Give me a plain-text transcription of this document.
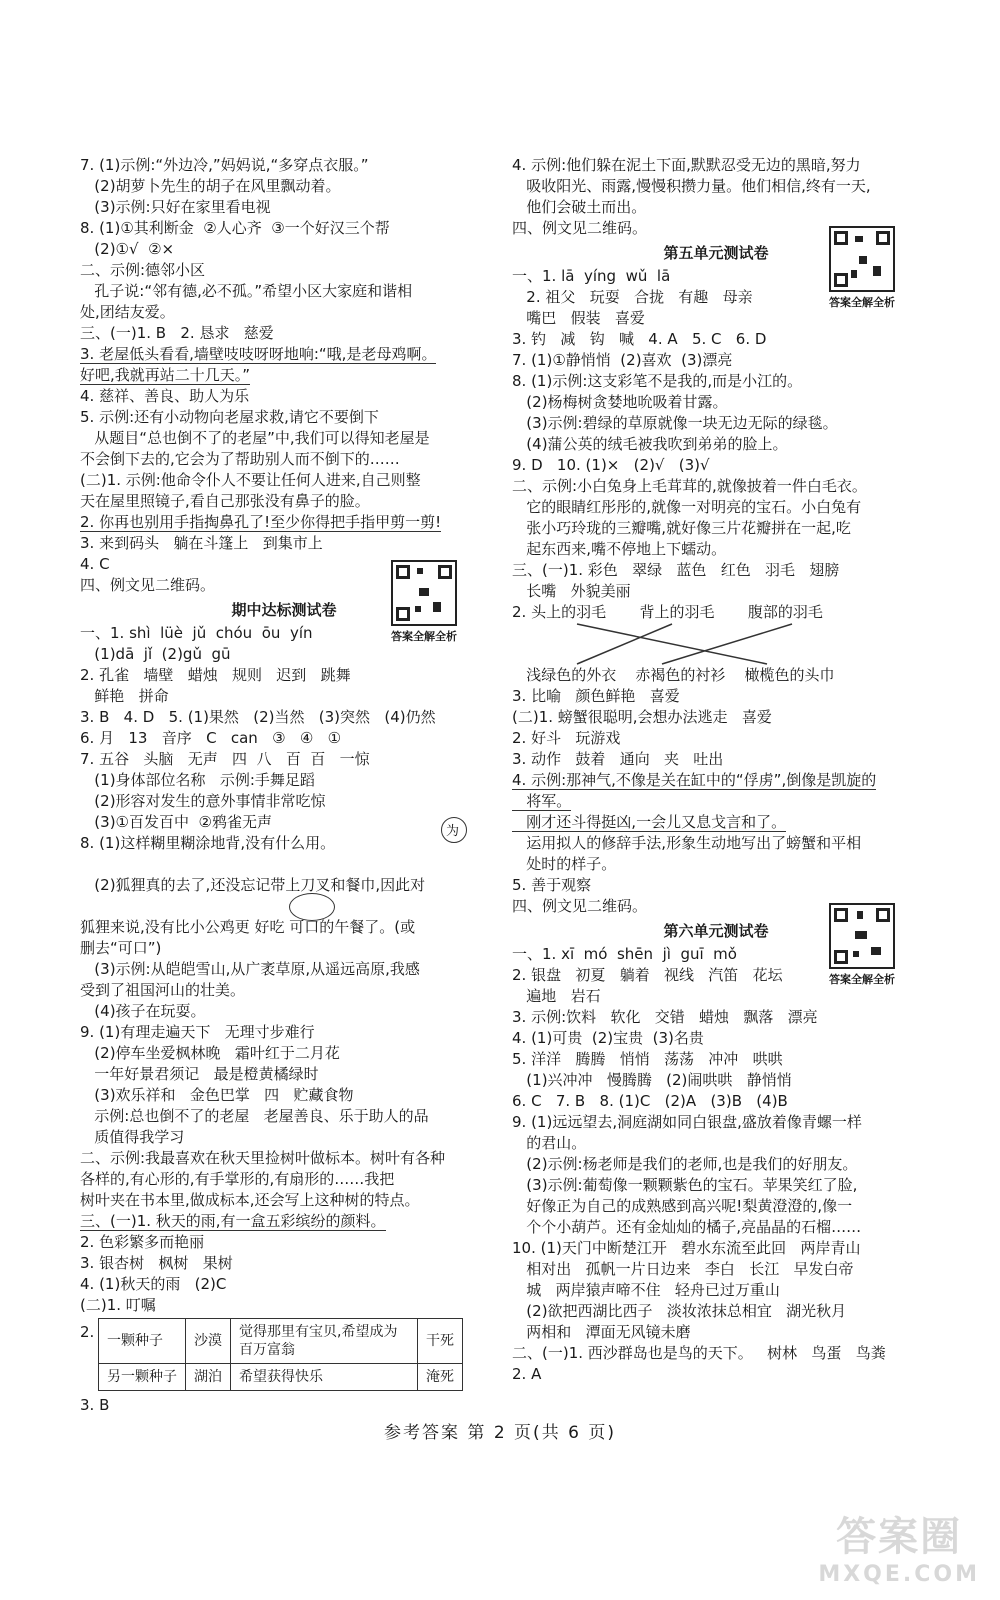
7. (1)示例:“外边冷,”妈妈说,“多穿点衣服。”
(2)胡萝卜先生的胡子在风里飘动着。
(3)示例:只好在家里看电视
8. (1)①其利断金  ②人心齐  ③一个好汉三个帮
(2)①√  ②×
二、示例:德邻小区
孔子说:“邻有德,必不孤。”希望小区大家庭和谐相
处,团结友爱。
三、(一)1. B   2. 恳求   慈爱
3. 老屋低头看看,墙壁吱吱呀呀地响:“哦,是老母鸡啊。
好吧,我就再站二十几天。”
4. 慈祥、善良、助人为乐
5. 示例:还有小动物向老屋求救,请它不要倒下
从题目“总也倒不了的老屋”中,我们可以得知老屋是
不会倒下去的,它会为了帮助别人而不倒下的……
(二)1. 示例:他命令仆人不要让任何人进来,自己则整
天在屋里照镜子,看自己那张没有鼻子的脸。
2. 你再也别用手指掏鼻孔了!至少你得把手指甲剪一剪!
3. 来到码头   躺在斗篷上   到集市上
4. C
四、例文见二维码。
期中达标测试卷
一、1. shì  lüè  jǔ  chóu  ōu  yín
(1)dā  jǐ  (2)gǔ  gū
2. 孔雀   墙壁   蜡烛   规则   迟到   跳舞
鲜艳   拼命
3. B   4. D   5. (1)果然   (2)当然   (3)突然   (4)仍然
6. 月   13   音序   C   can   ③   ④   ①
7. 五谷   头脑   无声   四  八   百  百   一惊
(1)身体部位名称   示例:手舞足蹈
(2)形容对发生的意外事情非常吃惊
(3)①百发百中  ②鸦雀无声
8. (1)这样糊里糊涂地背,没有什么用。
(2)狐狸真的去了,还没忘记带上刀叉和餐巾,因此对
狐狸来说,没有比小公鸡更 好吃 可口的午餐了。(或
删去“可口”)
(3)示例:从皑皑雪山,从广袤草原,从遥远高原,我感
受到了祖国河山的壮美。
(4)孩子在玩耍。
9. (1)有理走遍天下   无理寸步难行
(2)停车坐爱枫林晚   霜叶红于二月花
一年好景君须记   最是橙黄橘绿时
(3)欢乐祥和   金色巴掌   四   贮藏食物
示例:总也倒不了的老屋   老屋善良、乐于助人的品
质值得我学习
二、示例:我最喜欢在秋天里捡树叶做标本。树叶有各种
各样的,有心形的,有手掌形的,有扇形的……我把
树叶夹在书本里,做成标本,还会写上这种树的特点。
三、(一)1. 秋天的雨,有一盒五彩缤纷的颜料。
2. 色彩繁多而艳丽
3. 银杏树   枫树   果树
4. (1)秋天的雨   (2)C
(二)1. 叮嘱
2. 一颗种子	沙漠	觉得那里有宝贝,希望成为百万富翁	干死
另一颗种子	湖泊	希望获得快乐	淹死
3. B
4. 示例:他们躲在泥土下面,默默忍受无边的黑暗,努力
吸收阳光、雨露,慢慢积攒力量。他们相信,终有一天,
他们会破土而出。
四、例文见二维码。
第五单元测试卷
一、1. lā  yíng  wǔ  lā
2. 祖父   玩耍   合拢   有趣   母亲
嘴巴   假装   喜爱
3. 钓   减   钩   喊   4. A   5. C   6. D
7. (1)①静悄悄  (2)喜欢  (3)漂亮
8. (1)示例:这支彩笔不是我的,而是小江的。
(2)杨梅树贪婪地吮吸着甘露。
(3)示例:碧绿的草原就像一块无边无际的绿毯。
(4)蒲公英的绒毛被我吹到弟弟的脸上。
9. D   10. (1)×   (2)√   (3)√
二、示例:小白兔身上毛茸茸的,就像披着一件白毛衣。
它的眼睛红彤彤的,就像一对明亮的宝石。小白兔有
张小巧玲珑的三瓣嘴,就好像三片花瓣拼在一起,吃
起东西来,嘴不停地上下蠕动。
三、(一)1. 彩色   翠绿   蓝色   红色   羽毛   翅膀
长嘴   外貌美丽
2. 头上的羽毛       背上的羽毛       腹部的羽毛
浅绿色的外衣    赤褐色的衬衫    橄榄色的头巾
3. 比喻   颜色鲜艳   喜爱
(二)1. 螃蟹很聪明,会想办法逃走   喜爱
2. 好斗   玩游戏
3. 动作   鼓着   通向   夹   吐出
4. 示例:那神气,不像是关在缸中的“俘虏”,倒像是凯旋的
将军。
刚才还斗得挺凶,一会儿又息戈言和了。
运用拟人的修辞手法,形象生动地写出了螃蟹和平相
处时的样子。
5. 善于观察
四、例文见二维码。
第六单元测试卷
一、1. xī  mó  shēn  jì  guī  mǒ
2. 银盘   初夏   躺着   视线   汽笛   花坛
遍地   岩石
3. 示例:饮料   软化   交错   蜡烛   飘落   漂亮
4. (1)可贵  (2)宝贵  (3)名贵
5. 洋洋   腾腾   悄悄   荡荡   冲冲   哄哄
(1)兴冲冲   慢腾腾   (2)闹哄哄   静悄悄
6. C   7. B   8. (1)C   (2)A   (3)B   (4)B
9. (1)远远望去,洞庭湖如同白银盘,盛放着像青螺一样
的君山。
(2)示例:杨老师是我们的老师,也是我们的好朋友。
(3)示例:葡萄像一颗颗紫色的宝石。苹果笑红了脸,
好像正为自己的成熟感到高兴呢!梨黄澄澄的,像一
个个小葫芦。还有金灿灿的橘子,亮晶晶的石榴……
10. (1)天门中断楚江开   碧水东流至此回   两岸青山
相对出   孤帆一片日边来   李白   长江   早发白帝
城   两岸猿声啼不住   轻舟已过万重山
(2)欲把西湖比西子   淡妆浓抹总相宜   湖光秋月
两相和   潭面无风镜未磨
二、(一)1. 西沙群岛也是鸟的天下。   树林   鸟蛋   鸟粪
2. A
答案全解全析
答案全解全析
答案全解全析
为
参考答案 第 2 页(共 6 页)
答案圈
MXQE.COM
